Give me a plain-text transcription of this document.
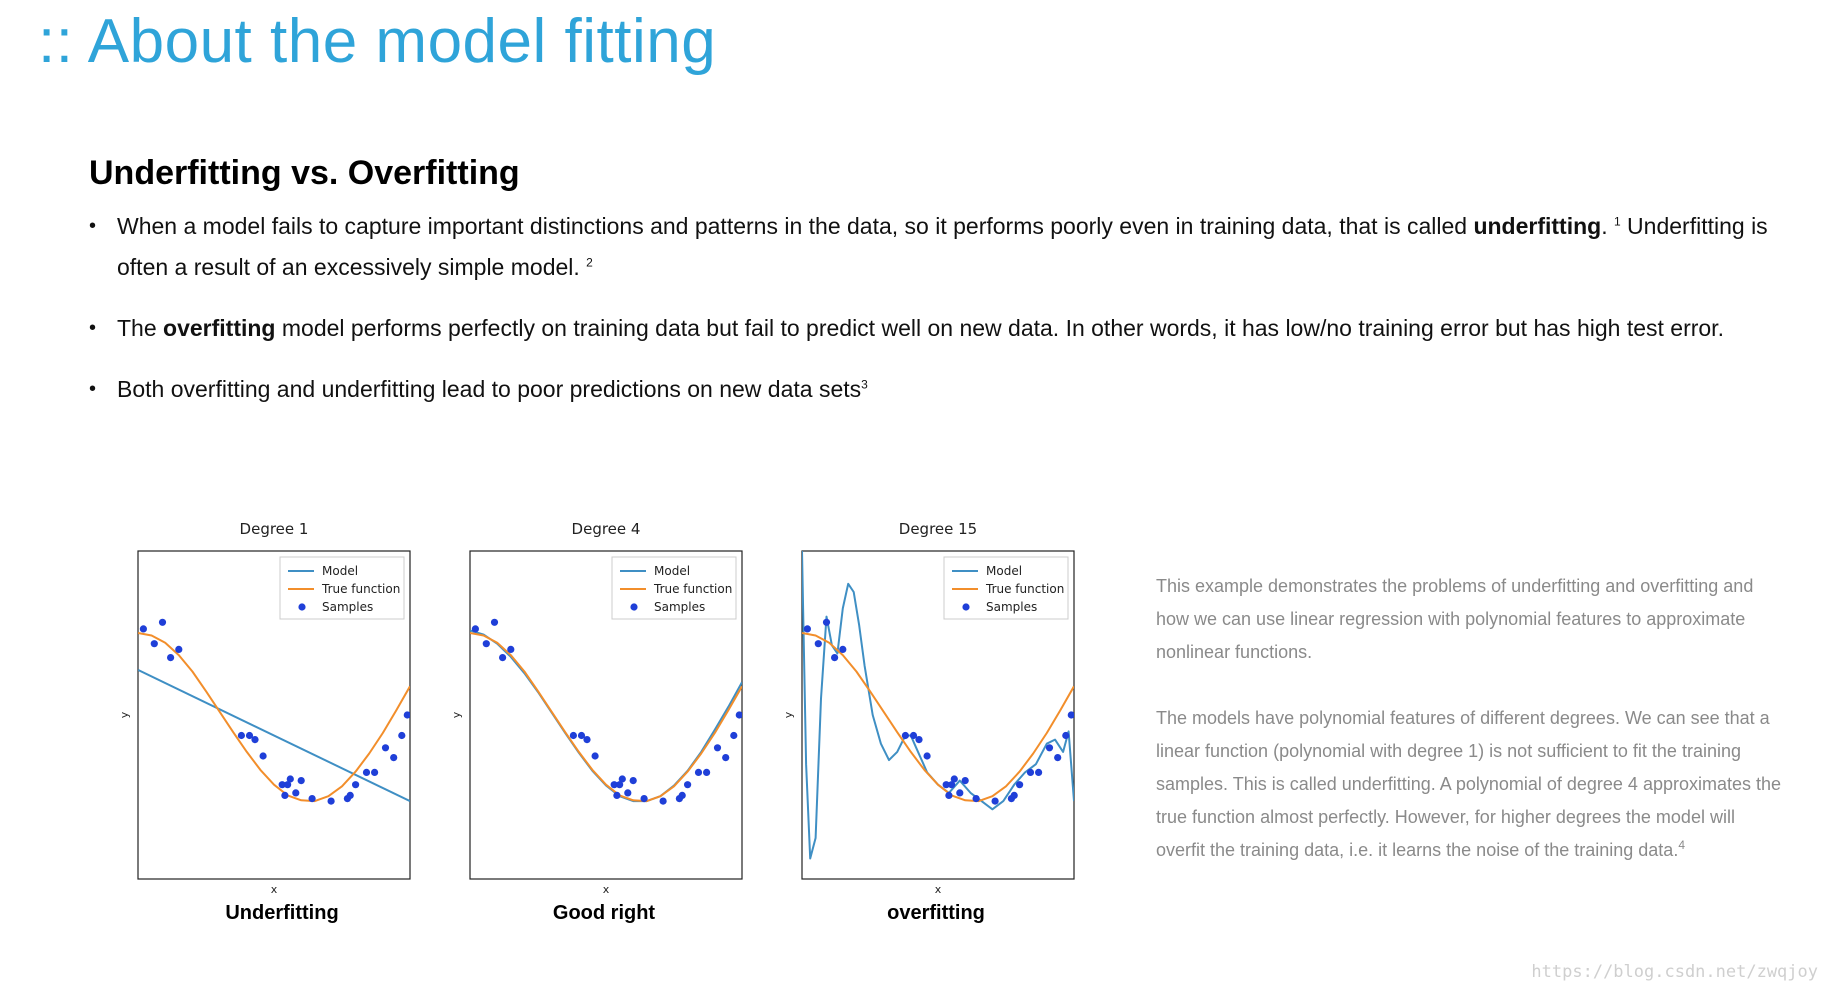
:: About the model fitting
Underfitting vs. Overfitting
• When a model fails to capture important distinctions and patterns in the data, so it performs poorly even in training data, that is called underfitting. $^1$ Underfitting is often a result of an excessively simple model. $^2$
• The overfitting model performs perfectly on training data but fail to predict well on new data. In other words, it has low/no training error but has high test error.
• Both overfitting and underfitting lead to poor predictions on new data sets$^3$
Degree 1
Model
True function
Samples
x
y
Underfitting
Degree 4
Model
True function
Samples
x
y
Good right
Degree 15
Model
True function
Samples
x
y
overfitting

This example demonstrates the problems of underfitting and overfitting and how we can use linear regression with polynomial features to approximate nonlinear functions.

The models have polynomial features of different degrees. We can see that a linear function (polynomial with degree 1) is not sufficient to fit the training samples. This is called underfitting. A polynomial of degree 4 approximates the true function almost perfectly. However, for higher degrees the model will overfit the training data, i.e. it learns the noise of the training data.$^4$

https://blog.csdn.net/zwqjoy
